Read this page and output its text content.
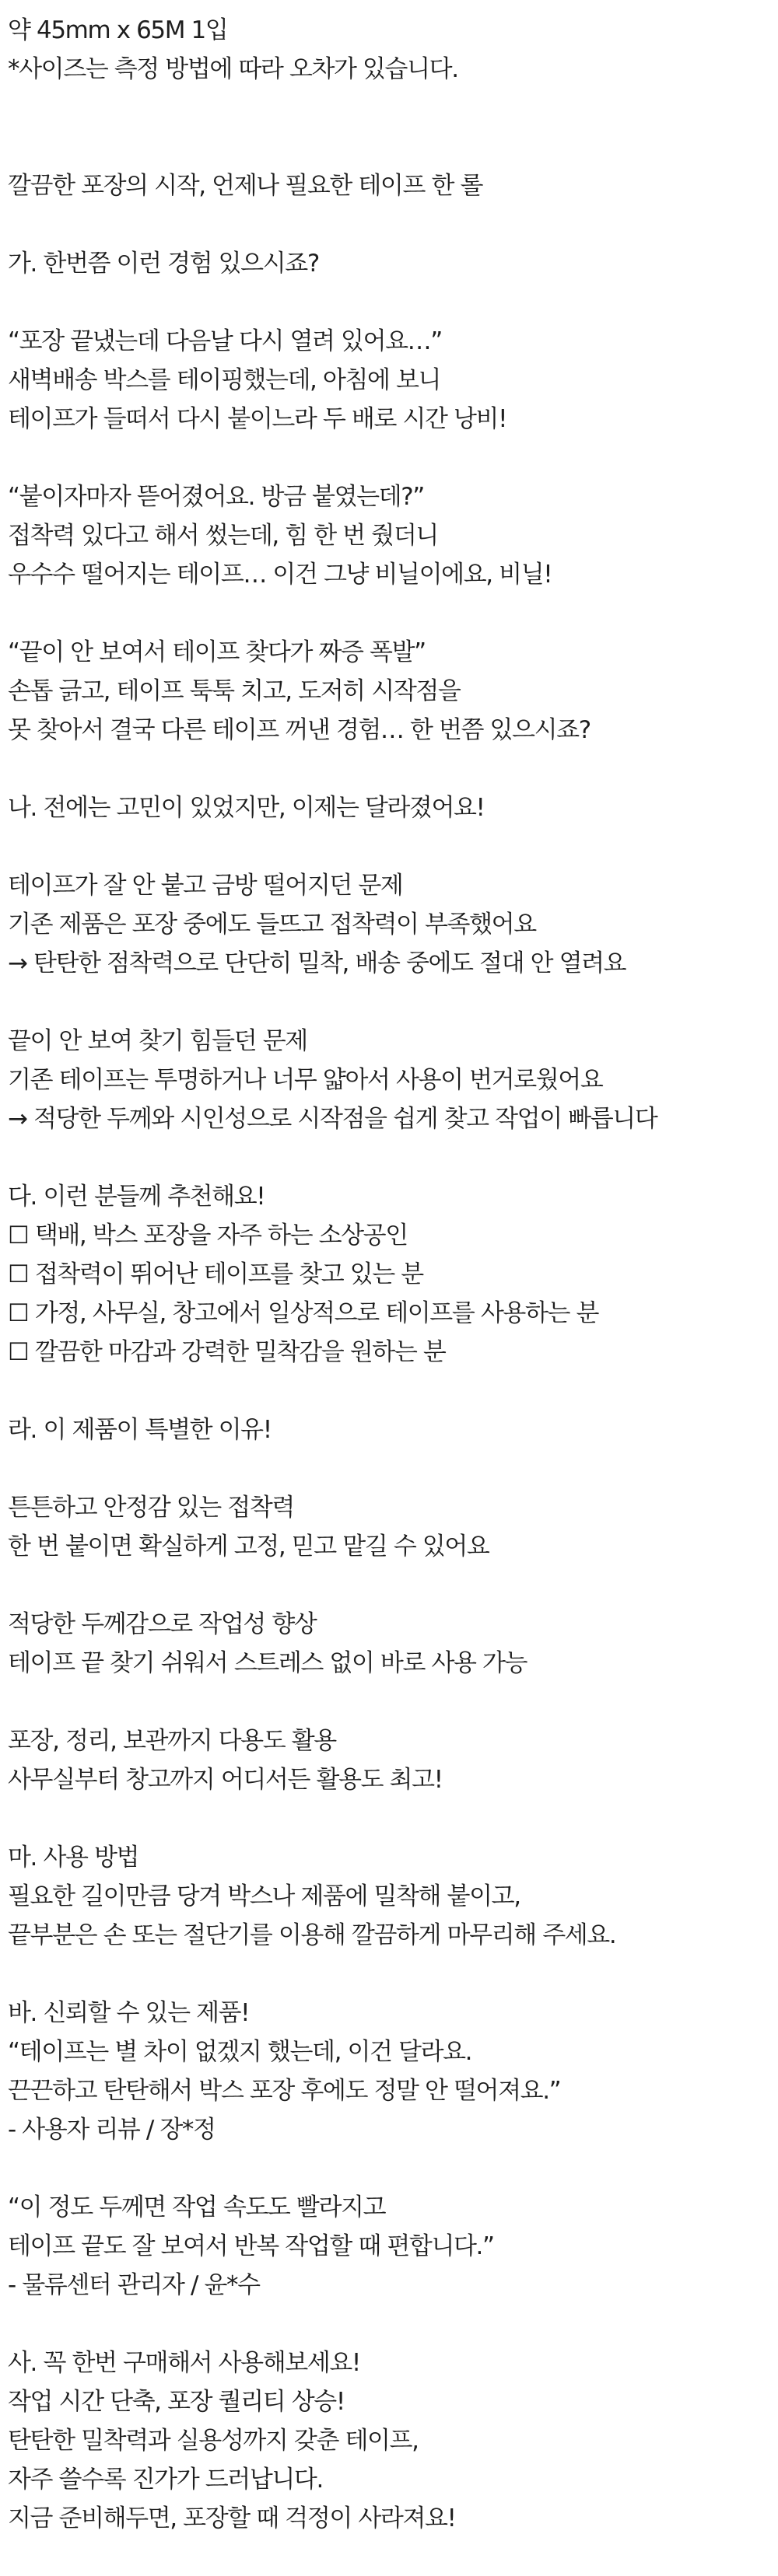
약 45mm x 65M 1입
*사이즈는 측정 방법에 따라 오차가 있습니다.
깔끔한 포장의 시작, 언제나 필요한 테이프 한 롤
가. 한번쯤 이런 경험 있으시죠?
“포장 끝냈는데 다음날 다시 열려 있어요…”
새벽배송 박스를 테이핑했는데, 아침에 보니
테이프가 들떠서 다시 붙이느라 두 배로 시간 낭비!
“붙이자마자 뜯어졌어요. 방금 붙였는데?”
접착력 있다고 해서 썼는데, 힘 한 번 줬더니
우수수 떨어지는 테이프… 이건 그냥 비닐이에요, 비닐!
“끝이 안 보여서 테이프 찾다가 짜증 폭발”
손톱 긁고, 테이프 툭툭 치고, 도저히 시작점을
못 찾아서 결국 다른 테이프 꺼낸 경험… 한 번쯤 있으시죠?
나. 전에는 고민이 있었지만, 이제는 달라졌어요!
테이프가 잘 안 붙고 금방 떨어지던 문제
기존 제품은 포장 중에도 들뜨고 접착력이 부족했어요
→ 탄탄한 점착력으로 단단히 밀착, 배송 중에도 절대 안 열려요
끝이 안 보여 찾기 힘들던 문제
기존 테이프는 투명하거나 너무 얇아서 사용이 번거로웠어요
→ 적당한 두께와 시인성으로 시작점을 쉽게 찾고 작업이 빠릅니다
다. 이런 분들께 추천해요!
☐ 택배, 박스 포장을 자주 하는 소상공인
☐ 접착력이 뛰어난 테이프를 찾고 있는 분
☐ 가정, 사무실, 창고에서 일상적으로 테이프를 사용하는 분
☐ 깔끔한 마감과 강력한 밀착감을 원하는 분
라. 이 제품이 특별한 이유!
튼튼하고 안정감 있는 접착력
한 번 붙이면 확실하게 고정, 믿고 맡길 수 있어요
적당한 두께감으로 작업성 향상
테이프 끝 찾기 쉬워서 스트레스 없이 바로 사용 가능
포장, 정리, 보관까지 다용도 활용
사무실부터 창고까지 어디서든 활용도 최고!
마. 사용 방법
필요한 길이만큼 당겨 박스나 제품에 밀착해 붙이고,
끝부분은 손 또는 절단기를 이용해 깔끔하게 마무리해 주세요.
바. 신뢰할 수 있는 제품!
“테이프는 별 차이 없겠지 했는데, 이건 달라요.
끈끈하고 탄탄해서 박스 포장 후에도 정말 안 떨어져요.”
- 사용자 리뷰 / 장*정
“이 정도 두께면 작업 속도도 빨라지고
테이프 끝도 잘 보여서 반복 작업할 때 편합니다.”
- 물류센터 관리자 / 윤*수
사. 꼭 한번 구매해서 사용해보세요!
작업 시간 단축, 포장 퀄리티 상승!
탄탄한 밀착력과 실용성까지 갖춘 테이프,
자주 쓸수록 진가가 드러납니다.
지금 준비해두면, 포장할 때 걱정이 사라져요!
